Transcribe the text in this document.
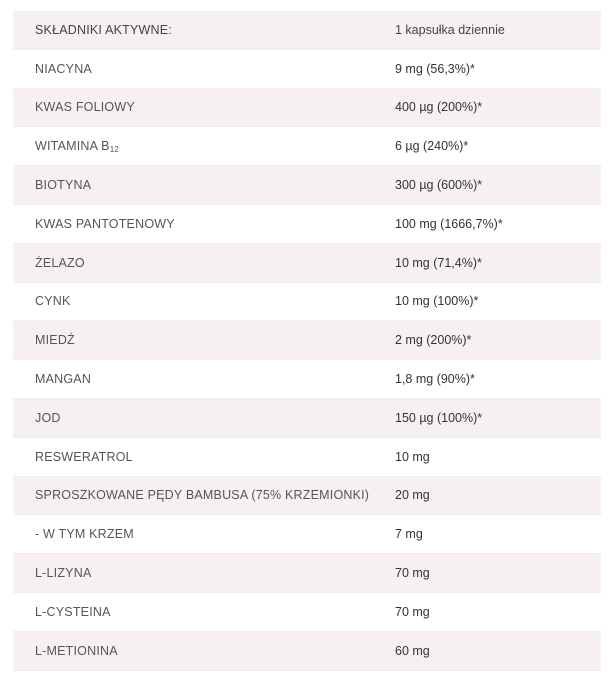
SKŁADNIKI AKTYWNE:	1 kapsułka dziennie
NIACYNA	9 mg (56,3%)*
KWAS FOLIOWY	400 µg (200%)*
WITAMINA $B_{12}$	6 µg (240%)*
BIOTYNA	300 µg (600%)*
KWAS PANTOTENOWY	100 mg (1666,7%)*
ŻELAZO	10 mg (71,4%)*
CYNK	10 mg (100%)*
MIEDŹ	2 mg (200%)*
MANGAN	1,8 mg (90%)*
JOD	150 µg (100%)*
RESWERATROL	10 mg
SPROSZKOWANE PĘDY BAMBUSA (75% KRZEMIONKI)	20 mg
- W TYM KRZEM	7 mg
L-LIZYNA	70 mg
L-CYSTEINA	70 mg
L-METIONINA	60 mg
